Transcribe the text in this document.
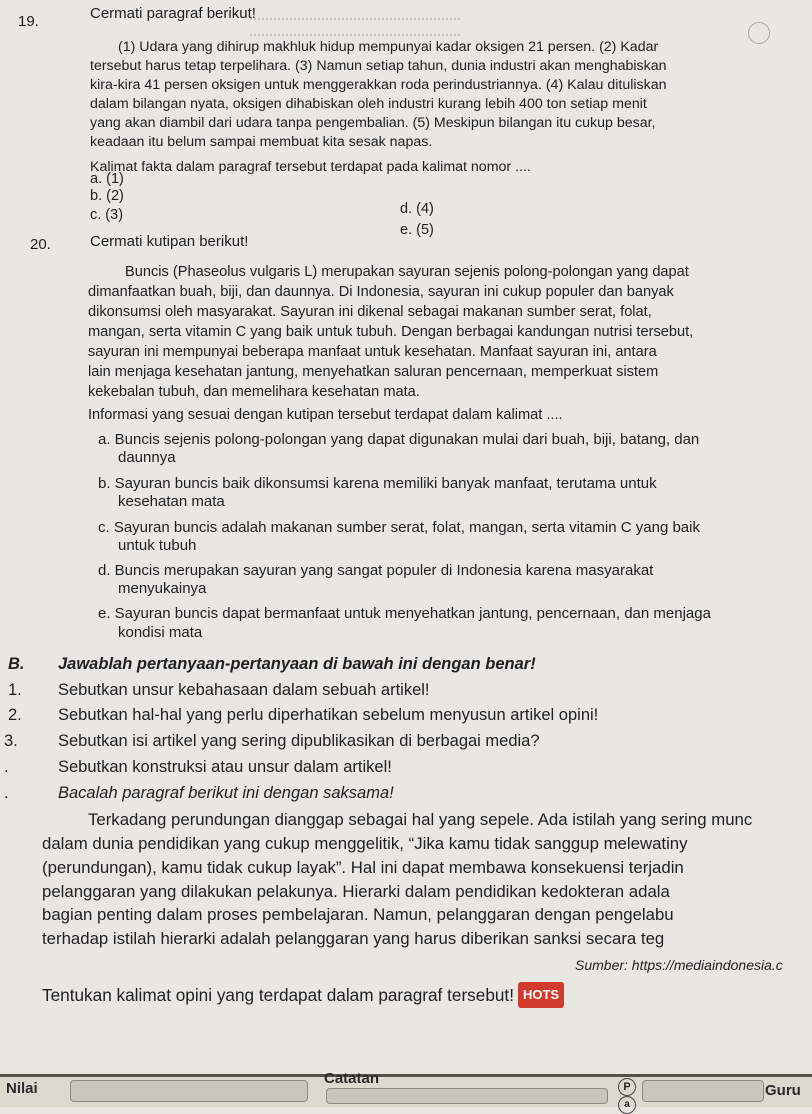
19.	Cermati paragraf berikut!
(1) Udara yang dihirup makhluk hidup mempunyai kadar oksigen 21 persen. (2) Kadar
tersebut harus tetap terpelihara. (3) Namun setiap tahun, dunia industri akan menghabiskan
kira-kira 41 persen oksigen untuk menggerakkan roda perindustriannya. (4) Kalau dituliskan
dalam bilangan nyata, oksigen dihabiskan oleh industri kurang lebih 400 ton setiap menit
yang akan diambil dari udara tanpa pengembalian. (5) Meskipun bilangan itu cukup besar,
keadaan itu belum sampai membuat kita sesak napas.
Kalimat fakta dalam paragraf tersebut terdapat pada kalimat nomor ....
a. (1)
b. (2)
c. (3)	d. (4)
e. (5)
20.	Cermati kutipan berikut!
Buncis (Phaseolus vulgaris L) merupakan sayuran sejenis polong-polongan yang dapat
dimanfaatkan buah, biji, dan daunnya. Di Indonesia, sayuran ini cukup populer dan banyak
dikonsumsi oleh masyarakat. Sayuran ini dikenal sebagai makanan sumber serat, folat,
mangan, serta vitamin C yang baik untuk tubuh. Dengan berbagai kandungan nutrisi tersebut,
sayuran ini mempunyai beberapa manfaat untuk kesehatan. Manfaat sayuran ini, antara
lain menjaga kesehatan jantung, menyehatkan saluran pencernaan, memperkuat sistem
kekebalan tubuh, dan memelihara kesehatan mata.
Informasi yang sesuai dengan kutipan tersebut terdapat dalam kalimat ....
a. Buncis sejenis polong-polongan yang dapat digunakan mulai dari buah, biji, batang, dan
daunnya
b. Sayuran buncis baik dikonsumsi karena memiliki banyak manfaat, terutama untuk
kesehatan mata
c. Sayuran buncis adalah makanan sumber serat, folat, mangan, serta vitamin C yang baik
untuk tubuh
d. Buncis merupakan sayuran yang sangat populer di Indonesia karena masyarakat
menyukainya
e. Sayuran buncis dapat bermanfaat untuk menyehatkan jantung, pencernaan, dan menjaga
kondisi mata
B. Jawablah pertanyaan-pertanyaan di bawah ini dengan benar!
1. Sebutkan unsur kebahasaan dalam sebuah artikel!
2. Sebutkan hal-hal yang perlu diperhatikan sebelum menyusun artikel opini!
3. Sebutkan isi artikel yang sering dipublikasikan di berbagai media?
.	Sebutkan konstruksi atau unsur dalam artikel!
.	Bacalah paragraf berikut ini dengan saksama!
Terkadang perundungan dianggap sebagai hal yang sepele. Ada istilah yang sering munc
dalam dunia pendidikan yang cukup menggelitik, “Jika kamu tidak sanggup melewatiny
(perundungan), kamu tidak cukup layak”. Hal ini dapat membawa konsekuensi terjadin
pelanggaran yang dilakukan pelakunya. Hierarki dalam pendidikan kedokteran adala
bagian penting dalam proses pembelajaran. Namun, pelanggaran dengan pengelabu
terhadap istilah hierarki adalah pelanggaran yang harus diberikan sanksi secara teg
Sumber: https://mediaindonesia.c
Tentukan kalimat opini yang terdapat dalam paragraf tersebut! HOTS
Nilai
Catatan	P
a
Guru
